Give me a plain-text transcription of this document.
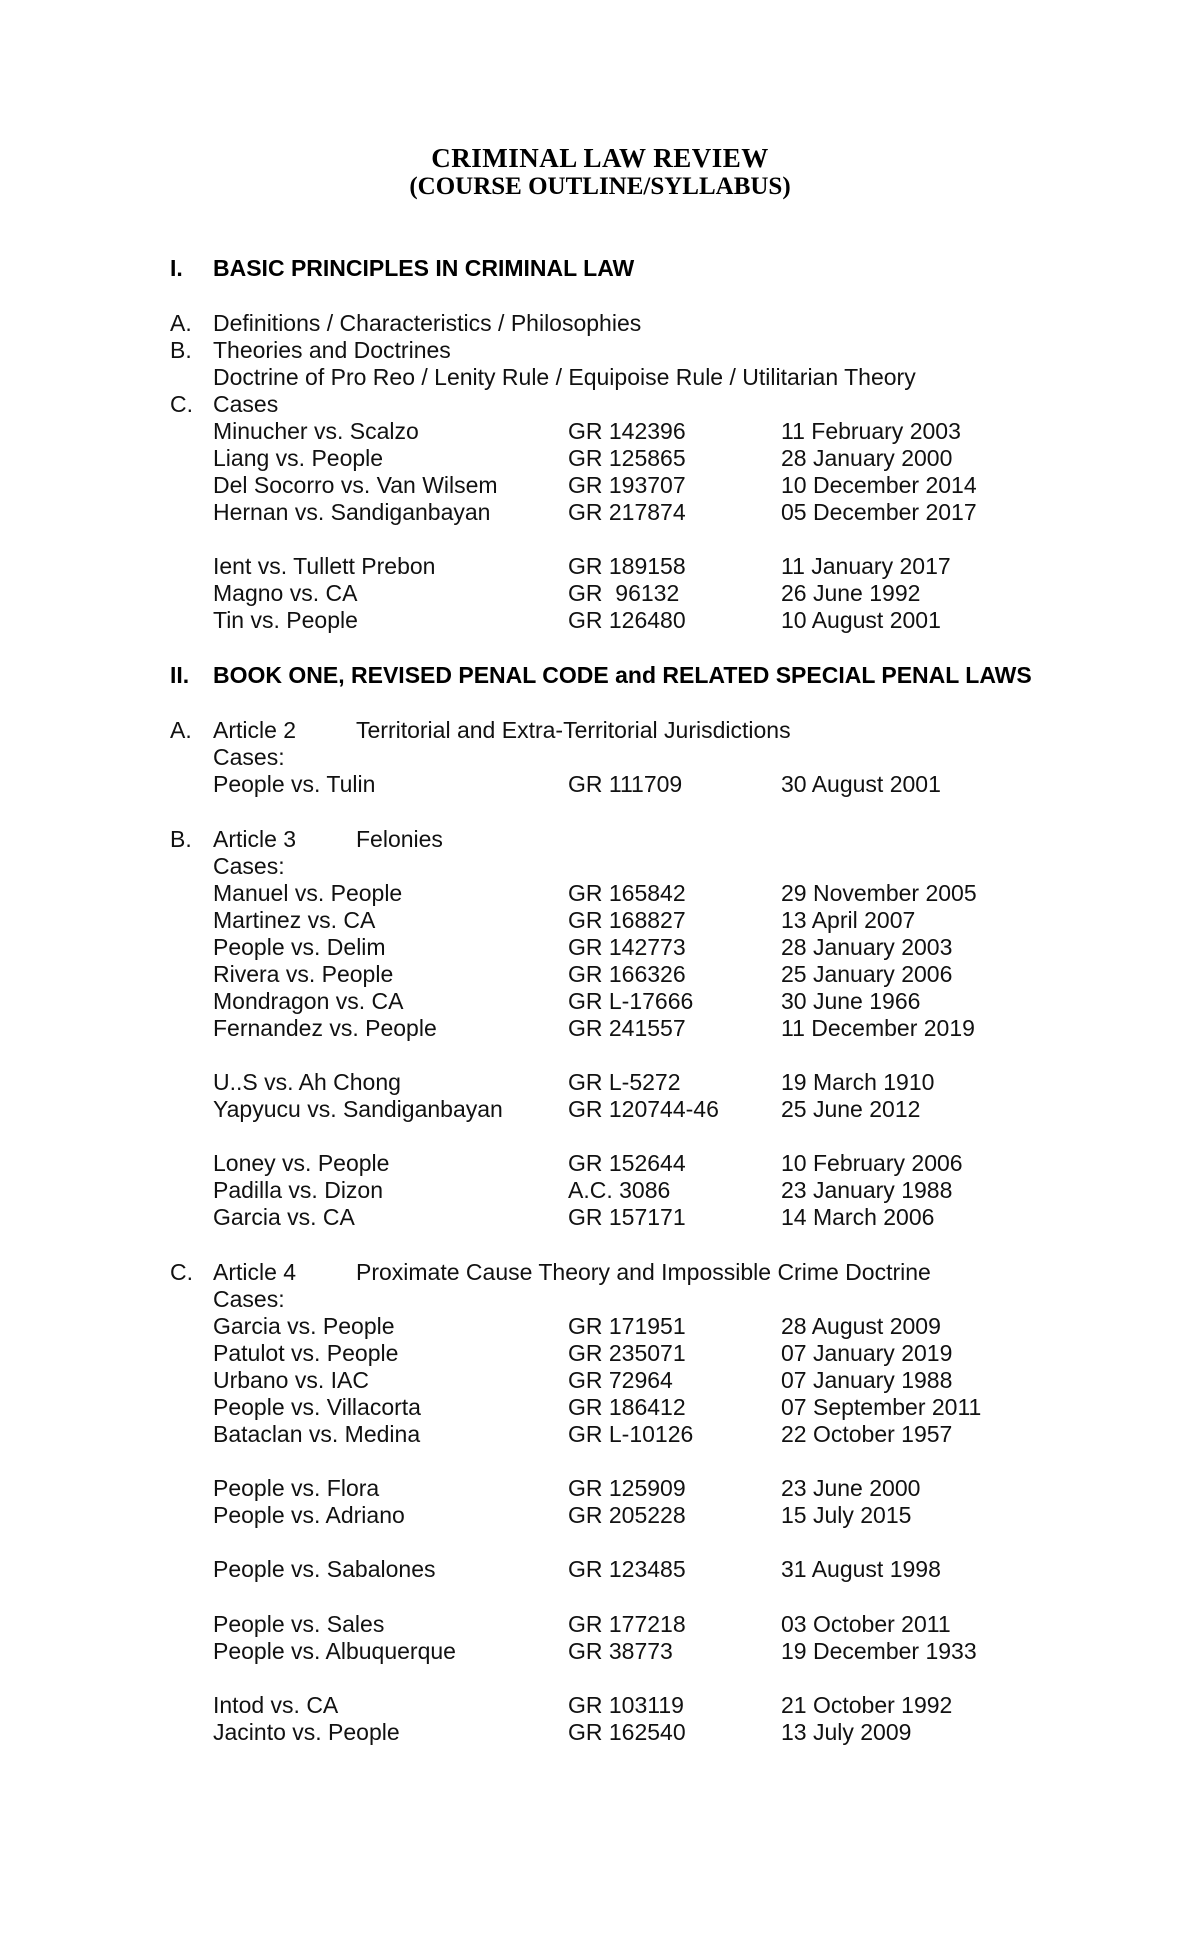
CRIMINAL LAW REVIEW
(COURSE OUTLINE/SYLLABUS)
I. BASIC PRINCIPLES IN CRIMINAL LAW
A. Definitions / Characteristics / Philosophies
B. Theories and Doctrines
Doctrine of Pro Reo / Lenity Rule / Equipoise Rule / Utilitarian Theory
C. Cases
Minucher vs. Scalzo	GR 142396	11 February 2003
Liang vs. People	GR 125865	28 January 2000
Del Socorro vs. Van Wilsem	GR 193707	10 December 2014
Hernan vs. Sandiganbayan	GR 217874	05 December 2017
Ient vs. Tullett Prebon	GR 189158	11 January 2017
Magno vs. CA	GR  96132	26 June 1992
Tin vs. People	GR 126480	10 August 2001
II. BOOK ONE, REVISED PENAL CODE and RELATED SPECIAL PENAL LAWS
A. Article 2	Territorial and Extra-Territorial Jurisdictions
Cases:
People vs. Tulin	GR 111709	30 August 2001
B. Article 3	Felonies
Cases:
Manuel vs. People	GR 165842	29 November 2005
Martinez vs. CA	GR 168827	13 April 2007
People vs. Delim	GR 142773	28 January 2003
Rivera vs. People	GR 166326	25 January 2006
Mondragon vs. CA	GR L-17666	30 June 1966
Fernandez vs. People	GR 241557	11 December 2019
U..S vs. Ah Chong	GR L-5272	19 March 1910
Yapyucu vs. Sandiganbayan	GR 120744-46	25 June 2012
Loney vs. People	GR 152644	10 February 2006
Padilla vs. Dizon	A.C. 3086	23 January 1988
Garcia vs. CA	GR 157171	14 March 2006
C. Article 4	Proximate Cause Theory and Impossible Crime Doctrine
Cases:
Garcia vs. People	GR 171951	28 August 2009
Patulot vs. People	GR 235071	07 January 2019
Urbano vs. IAC	GR 72964	07 January 1988
People vs. Villacorta	GR 186412	07 September 2011
Bataclan vs. Medina	GR L-10126	22 October 1957
People vs. Flora	GR 125909	23 June 2000
People vs. Adriano	GR 205228	15 July 2015
People vs. Sabalones	GR 123485	31 August 1998
People vs. Sales	GR 177218	03 October 2011
People vs. Albuquerque	GR 38773	19 December 1933
Intod vs. CA	GR 103119	21 October 1992
Jacinto vs. People	GR 162540	13 July 2009
